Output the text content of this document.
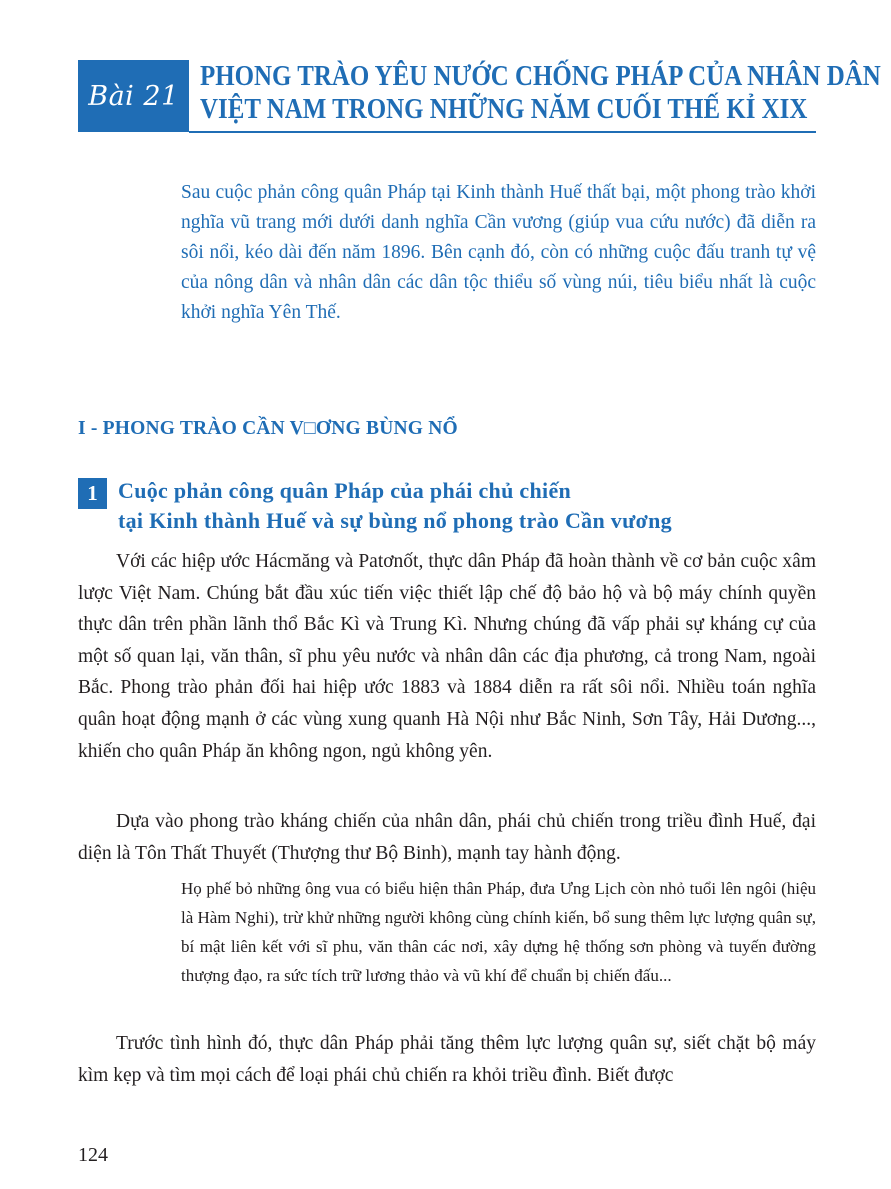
Bài 21
PHONG TRÀO YÊU NƯỚC CHỐNG PHÁP CỦA NHÂN DÂN
VIỆT NAM TRONG NHỮNG NĂM CUỐI THẾ KỈ XIX

Sau cuộc phản công quân Pháp tại Kinh thành Huế thất bại, một phong trào khởi nghĩa vũ trang mới dưới danh nghĩa Cần vương (giúp vua cứu nước) đã diễn ra sôi nổi, kéo dài đến năm 1896. Bên cạnh đó, còn có những cuộc đấu tranh tự vệ của nông dân và nhân dân các dân tộc thiểu số vùng núi, tiêu biểu nhất là cuộc khởi nghĩa Yên Thế.

I - PHONG TRÀO CẦN V□ƠNG BÙNG NỔ
1 Cuộc phản công quân Pháp của phái chủ chiến
tại Kinh thành Huế và sự bùng nổ phong trào Cần vương

Với các hiệp ước Hácmăng và Patơnốt, thực dân Pháp đã hoàn thành về cơ bản cuộc xâm lược Việt Nam. Chúng bắt đầu xúc tiến việc thiết lập chế độ bảo hộ và bộ máy chính quyền thực dân trên phần lãnh thổ Bắc Kì và Trung Kì. Nhưng chúng đã vấp phải sự kháng cự của một số quan lại, văn thân, sĩ phu yêu nước và nhân dân các địa phương, cả trong Nam, ngoài Bắc. Phong trào phản đối hai hiệp ước 1883 và 1884 diễn ra rất sôi nổi. Nhiều toán nghĩa quân hoạt động mạnh ở các vùng xung quanh Hà Nội như Bắc Ninh, Sơn Tây, Hải Dương..., khiến cho quân Pháp ăn không ngon, ngủ không yên.

Dựa vào phong trào kháng chiến của nhân dân, phái chủ chiến trong triều đình Huế, đại diện là Tôn Thất Thuyết (Thượng thư Bộ Binh), mạnh tay hành động.

Họ phế bỏ những ông vua có biểu hiện thân Pháp, đưa Ưng Lịch còn nhỏ tuổi lên ngôi (hiệu là Hàm Nghi), trừ khử những người không cùng chính kiến, bổ sung thêm lực lượng quân sự, bí mật liên kết với sĩ phu, văn thân các nơi, xây dựng hệ thống sơn phòng và tuyến đường thượng đạo, ra sức tích trữ lương thảo và vũ khí để chuẩn bị chiến đấu...

Trước tình hình đó, thực dân Pháp phải tăng thêm lực lượng quân sự, siết chặt bộ máy kìm kẹp và tìm mọi cách để loại phái chủ chiến ra khỏi triều đình. Biết được

124
